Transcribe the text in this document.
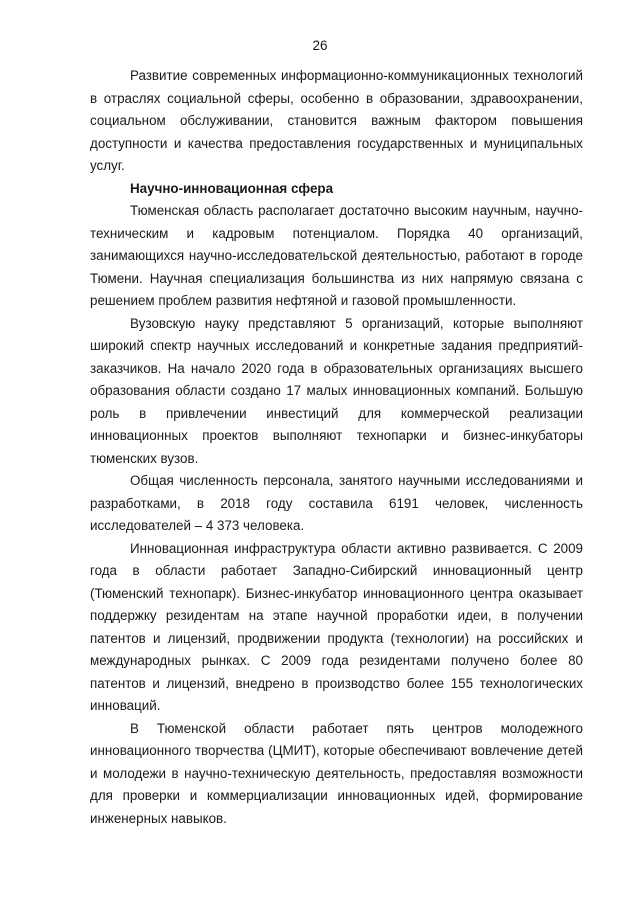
26

Развитие современных информационно-коммуникационных технологий в отраслях социальной сферы, особенно в образовании, здравоохранении, социальном обслуживании, становится важным фактором повышения доступности и качества предоставления государственных и муниципальных услуг.

Научно-инновационная сфера

Тюменская область располагает достаточно высоким научным, научно-техническим и кадровым потенциалом. Порядка 40 организаций, занимающихся научно-исследовательской деятельностью, работают в городе Тюмени. Научная специализация большинства из них напрямую связана с решением проблем развития нефтяной и газовой промышленности.

Вузовскую науку представляют 5 организаций, которые выполняют широкий спектр научных исследований и конкретные задания предприятий-заказчиков. На начало 2020 года в образовательных организациях высшего образования области создано 17 малых инновационных компаний. Большую роль в привлечении инвестиций для коммерческой реализации инновационных проектов выполняют технопарки и бизнес-инкубаторы тюменских вузов.

Общая численность персонала, занятого научными исследованиями и разработками, в 2018 году составила 6191 человек, численность исследователей – 4 373 человека.

Инновационная инфраструктура области активно развивается. С 2009 года в области работает Западно-Сибирский инновационный центр (Тюменский технопарк). Бизнес-инкубатор инновационного центра оказывает поддержку резидентам на этапе научной проработки идеи, в получении патентов и лицензий, продвижении продукта (технологии) на российских и международных рынках. С 2009 года резидентами получено более 80 патентов и лицензий, внедрено в производство более 155 технологических инноваций.

В Тюменской области работает пять центров молодежного инновационного творчества (ЦМИТ), которые обеспечивают вовлечение детей и молодежи в научно-техническую деятельность, предоставляя возможности для проверки и коммерциализации инновационных идей, формирование инженерных навыков.
